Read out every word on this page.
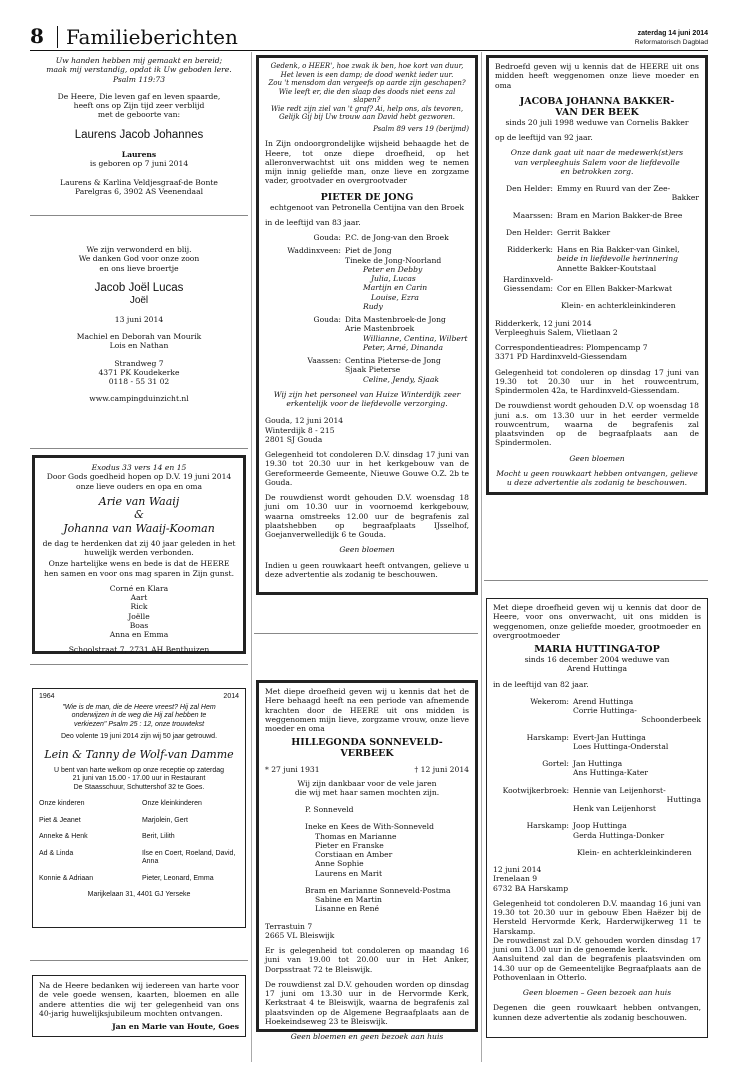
8 Familieberichten	zaterdag 14 juni 2014
Reformatorisch Dagblad

Uw handen hebben mij gemaakt en bereid;

maak mij verstandig, opdat ik Uw geboden lere.

Psalm 119:73

De Heere, Die leven gaf en leven spaarde,

heeft ons op Zijn tijd zeer verblijd

met de geboorte van:

Laurens Jacob Johannes

Laurens

is geboren op 7 juni 2014

Laurens & Karlina Veldjesgraaf-de Bonte

Parelgras 6, 3902 AS Veenendaal

We zijn verwonderd en blij.

We danken God voor onze zoon

en ons lieve broertje

Jacob Joël Lucas

Joël

13 juni 2014

Machiel en Deborah van Mourik

Lois en Nathan

Strandweg 7

4371 PK Koudekerke

0118 - 55 31 02

www.campingduinzicht.nl

Exodus 33 vers 14 en 15

Door Gods goedheid hopen op D.V. 19 juni 2014

onze lieve ouders en opa en oma

Arie van Waaij

&

Johanna van Waaij-Kooman

de dag te herdenken dat zij 40 jaar geleden in het

huwelijk werden verbonden.

Onze hartelijke wens en bede is dat de HEERE

hen samen en voor ons mag sparen in Zijn gunst.

Corné en Klara

Aart

Rick

Joëlle

Boas

Anna en Emma

Schoolstraat 7, 2731 AH Benthuizen

1964	2014

"Wie is de man, die de Heere vreest? Hij zal Hem

onderwijzen in de weg die Hij zal hebben te

verkiezen" Psalm 25 : 12, onze trouwtekst

Deo volente 19 juni 2014 zijn wij 50 jaar getrouwd.

Lein & Tanny de Wolf-van Damme

U bent van harte welkom op onze receptie op zaterdag

21 juni van 15.00 - 17.00 uur in Restaurant

De Staasschuur, Schuttershof 32 te Goes.

Onze kinderen	Onze kleinkinderen
Piet & Jeanet	Marjolein, Gert
Anneke & Henk	Berit, Lilith
Ad & Linda	Ilse en Coert, Roeland, David, Anna
Konnie & Adriaan	Pieter, Leonard, Emma

Marijkelaan 31, 4401 GJ Yerseke

Na de Heere bedanken wij iedereen van harte voor de vele goede wensen, kaarten, bloemen en alle andere attenties die wij ter gelegenheid van ons 40-jarig huwelijksjubileum mochten ontvangen.

Jan en Marie van Houte, Goes

Gedenk, o HEER', hoe zwak ik ben, hoe kort van duur,

Het leven is een damp; de dood wenkt ieder uur.

Zou 't mensdom dan vergeefs op aarde zijn geschapen?

Wie leeft er, die den slaap des doods niet eens zal slapen?

Wie redt zijn ziel van 't graf? Ai, help ons, als tevoren,

Gelijk Gij bij Uw trouw aan David hebt gezworen.

Psalm 89 vers 19 (berijmd)

In Zijn ondoorgrondelijke wijsheid behaagde het de Heere, tot onze diepe droefheid, op het alleronverwachtst uit ons midden weg te nemen mijn innig geliefde man, onze lieve en zorgzame vader, grootvader en overgrootvader

PIETER DE JONG

echtgenoot van Petronella Centijna van den Broek

in de leeftijd van 83 jaar.

Gouda: P.C. de Jong-van den Broek

Waddinxveen: Piet de Jong

Tineke de Jong-Noorland

Peter en Debby

Julia, Lucas

Martijn en Carin

Louise, Ezra

Rudy

Gouda: Dita Mastenbroek-de Jong

Arie Mastenbroek

Willianne, Centina, Wilbert

Peter, Arné, Dinanda

Vaassen: Centina Pieterse-de Jong

Sjaak Pieterse

Celine, Jendy, Sjaak

Wij zijn het personeel van Huize Winterdijk zeer erkentelijk voor de liefdevolle verzorging.

Gouda, 12 juni 2014

Winterdijk 8 - 215

2801 SJ Gouda

Gelegenheid tot condoleren D.V. dinsdag 17 juni van 19.30 tot 20.30 uur in het kerkgebouw van de Gereformeerde Gemeente, Nieuwe Gouwe O.Z. 2b te Gouda.

De rouwdienst wordt gehouden D.V. woensdag 18 juni om 10.30 uur in voornoemd kerkgebouw, waarna omstreeks 12.00 uur de begrafenis zal plaatshebben op begraafplaats IJsselhof, Goejanverwelledijk 6 te Gouda.

Geen bloemen

Indien u geen rouwkaart heeft ontvangen, gelieve u deze advertentie als zodanig te beschouwen.

Met diepe droefheid geven wij u kennis dat het de Here behaagd heeft na een periode van afnemende krachten door de HEERE uit ons midden is weggenomen mijn lieve, zorgzame vrouw, onze lieve moeder en oma

HILLEGONDA SONNEVELD-

VERBEEK

* 27 juni 1931	† 12 juni 2014

Wij zijn dankbaar voor de vele jaren

die wij met haar samen mochten zijn.

P. Sonneveld

Ineke en Kees de With-Sonneveld

Thomas en Marianne

Pieter en Franske

Corstiaan en Amber

Anne Sophie

Laurens en Marit

Bram en Marianne Sonneveld-Postma

Sabine en Martin

Lisanne en René

Terrastuin 7

2665 VL Bleiswijk

Er is gelegenheid tot condoleren op maandag 16 juni van 19.00 tot 20.00 uur in Het Anker, Dorpsstraat 72 te Bleiswijk.

De rouwdienst zal D.V. gehouden worden op dinsdag 17 juni om 13.30 uur in de Hervormde Kerk, Kerkstraat 4 te Bleiswijk, waarna de begrafenis zal plaatsvinden op de Algemene Begraafplaats aan de Hoekeindseweg 23 te Bleiswijk.

Geen bloemen en geen bezoek aan huis

Bedroefd geven wij u kennis dat de HEERE uit ons midden heeft weggenomen onze lieve moeder en oma

JACOBA JOHANNA BAKKER-

VAN DER BEEK

sinds 20 juli 1998 weduwe van Cornelis Bakker

op de leeftijd van 92 jaar.

Onze dank gaat uit naar de medewerk(st)ers

van verpleeghuis Salem voor de liefdevolle

en betrokken zorg.

Den Helder: Emmy en Ruurd van der Zee-

Bakker

Maarssen: Bram en Marion Bakker-de Bree

Den Helder: Gerrit Bakker

Ridderkerk: Hans en Ria Bakker-van Ginkel,

beide in liefdevolle herinnering

Annette Bakker-Koutstaal

Hardinxveld-Giessendam: Cor en Ellen Bakker-Markwat

Klein- en achterkleinkinderen

Ridderkerk, 12 juni 2014

Verpleeghuis Salem, Vlietlaan 2

Correspondentieadres: Plompencamp 7

3371 PD Hardinxveld-Giessendam

Gelegenheid tot condoleren op dinsdag 17 juni van 19.30 tot 20.30 uur in het rouwcentrum, Spindermolen 42a, te Hardinxveld-Giessendam.

De rouwdienst wordt gehouden D.V. op woensdag 18 juni a.s. om 13.30 uur in het eerder vermelde rouwcentrum, waarna de begrafenis zal plaatsvinden op de begraafplaats aan de Spindermolen.

Geen bloemen

Mocht u geen rouwkaart hebben ontvangen, gelieve u deze advertentie als zodanig te beschouwen.

Met diepe droefheid geven wij u kennis dat door de Heere, voor ons onverwacht, uit ons midden is weggenomen, onze geliefde moeder, grootmoeder en overgrootmoeder

MARIA HUTTINGA-TOP

sinds 16 december 2004 weduwe van

Arend Huttinga

in de leeftijd van 82 jaar.

Wekerom: Arend Huttinga

Corrie Huttinga-

Schoonderbeek

Harskamp: Evert-Jan Huttinga

Loes Huttinga-Onderstal

Gortel: Jan Huttinga

Ans Huttinga-Kater

Kootwijkerbroek: Hennie van Leijenhorst-

Huttinga

Henk van Leijenhorst

Harskamp: Joop Huttinga

Gerda Huttinga-Donker

Klein- en achterkleinkinderen

12 juni 2014

Irenelaan 9

6732 BA Harskamp

Gelegenheid tot condoleren D.V. maandag 16 juni van 19.30 tot 20.30 uur in gebouw Eben Haëzer bij de Hersteld Hervormde Kerk, Harderwijkerweg 11 te Harskamp.

De rouwdienst zal D.V. gehouden worden dinsdag 17 juni om 13.00 uur in de genoemde kerk.

Aansluitend zal dan de begrafenis plaatsvinden om 14.30 uur op de Gemeentelijke Begraafplaats aan de Pothovenlaan in Otterlo.

Geen bloemen – Geen bezoek aan huis

Degenen die geen rouwkaart hebben ontvangen, kunnen deze advertentie als zodanig beschouwen.
